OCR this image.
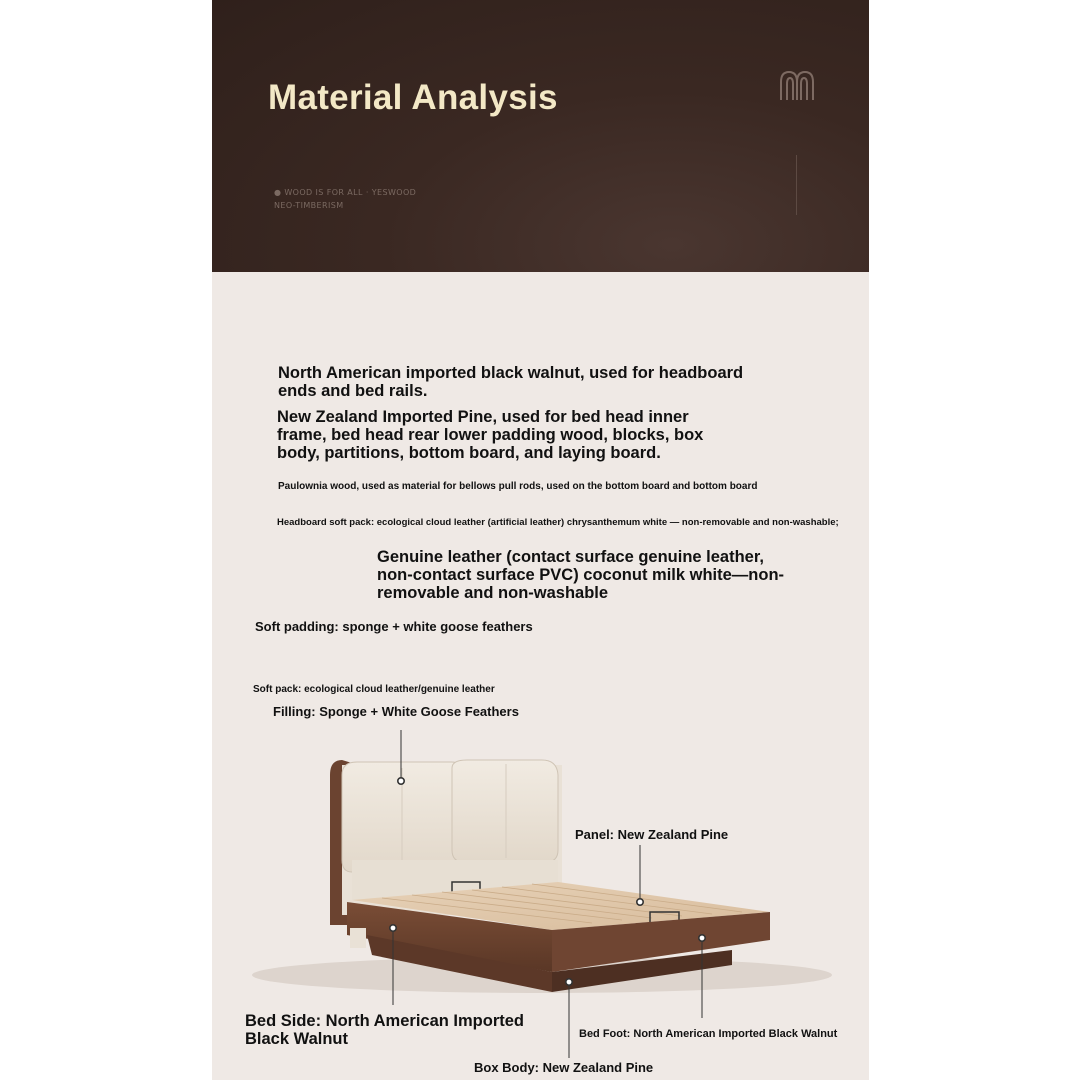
Material Analysis
● WOOD IS FOR ALL · YESWOOD
NEO-TIMBERISM
North American imported black walnut, used for headboard ends and bed rails.
New Zealand Imported Pine, used for bed head inner frame, bed head rear lower padding wood, blocks, box body, partitions, bottom board, and laying board.
Paulownia wood, used as material for bellows pull rods, used on the bottom board and bottom board
Headboard soft pack: ecological cloud leather (artificial leather) chrysanthemum white — non-removable and non-washable;
Genuine leather (contact surface genuine leather, non-contact surface PVC) coconut milk white—non-removable and non-washable
Soft padding: sponge + white goose feathers
Soft pack: ecological cloud leather/genuine leather
Filling: Sponge + White Goose Feathers
Panel: New Zealand Pine
Bed Side: North American Imported Black Walnut	Bed Foot: North American Imported Black Walnut
Box Body: New Zealand Pine
